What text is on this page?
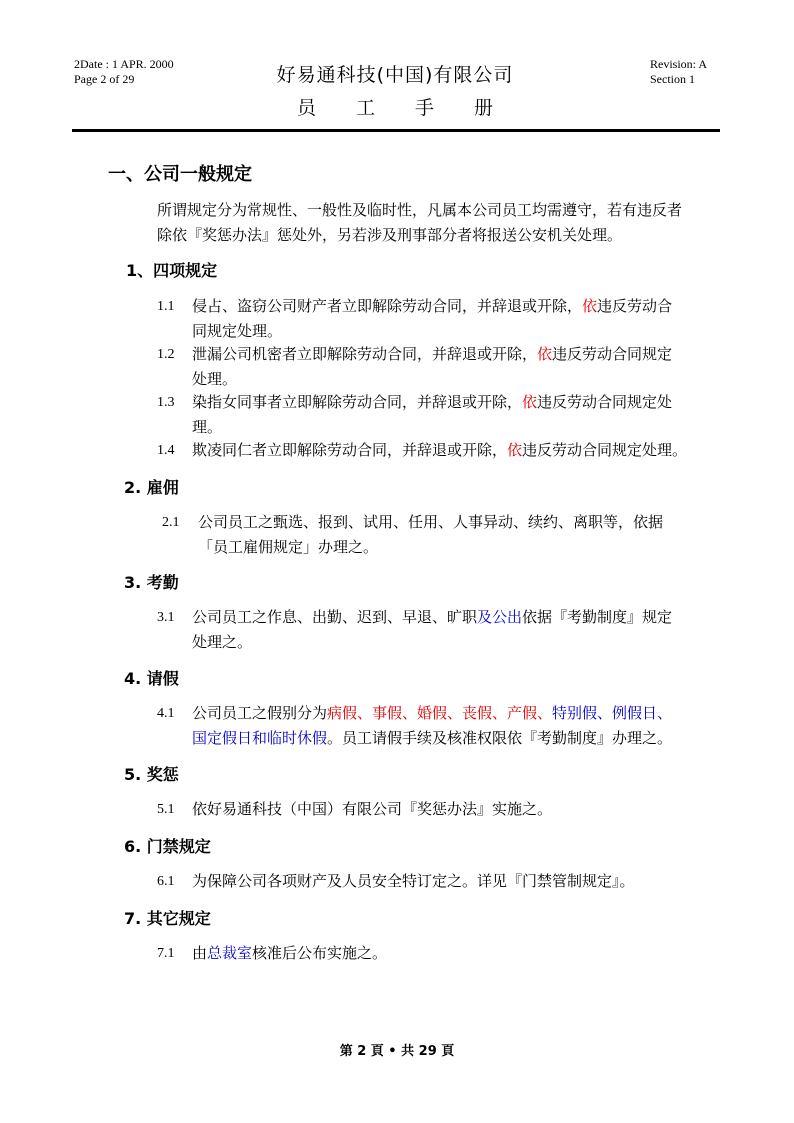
2Date : 1 APR. 2000
Page 2 of 29	好易通科技(中国)有限公司
员 工 手 册
Revision: A
Section 1
一、公司一般规定
所谓规定分为常规性、一般性及临时性，凡属本公司员工均需遵守，若有违反者
除依『奖惩办法』惩处外，另若涉及刑事部分者将报送公安机关处理。
1、四项规定
1.1 侵占、盗窃公司财产者立即解除劳动合同，并辞退或开除，依违反劳动合
同规定处理。
1.2 泄漏公司机密者立即解除劳动合同，并辞退或开除，依违反劳动合同规定
处理。
1.3 染指女同事者立即解除劳动合同，并辞退或开除，依违反劳动合同规定处
理。
1.4 欺凌同仁者立即解除劳动合同，并辞退或开除，依违反劳动合同规定处理。
2. 雇佣
2.1 公司员工之甄选、报到、试用、任用、人事异动、续约、离职等，依据
「员工雇佣规定」办理之。
3. 考勤
3.1 公司员工之作息、出勤、迟到、早退、旷职及公出依据『考勤制度』规定
处理之。
4. 请假
4.1 公司员工之假别分为病假、事假、婚假、丧假、产假、特别假、例假日、
国定假日和临时休假。员工请假手续及核准权限依『考勤制度』办理之。
5. 奖惩
5.1 依好易通科技（中国）有限公司『奖惩办法』实施之。
6. 门禁规定
6.1 为保障公司各项财产及人员安全特订定之。详见『门禁管制规定』。
7. 其它规定
7.1 由总裁室核准后公布实施之。
第 2 頁 • 共 29 頁
